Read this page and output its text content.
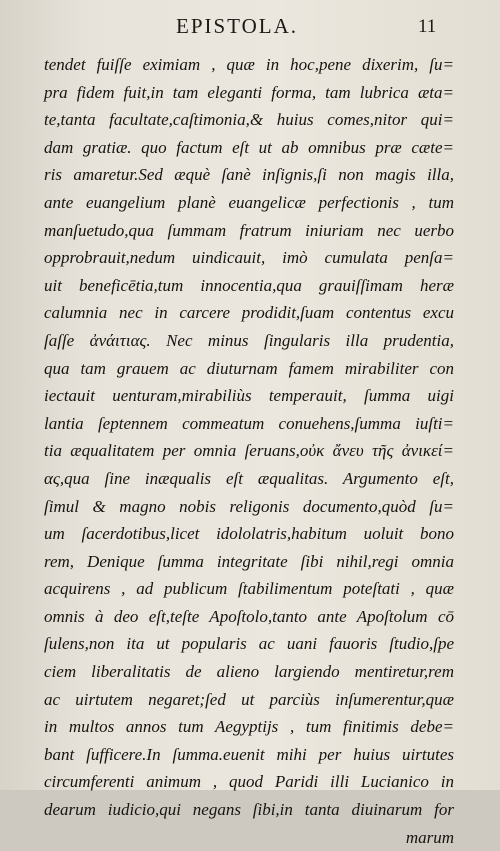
EPISTOLA.	11
tendet fuiſſe eximiam , quæ in hoc,pene dixerim, ſu=
pra fidem fuit,in tam eleganti forma, tam lubrica æta=
te,tanta facultate,caſtimonia,& huius comes,nitor qui=
dam gratiæ. quo factum eſt ut ab omnibus præ cæte=
ris amaretur.Sed æquè ſanè inſignis,ſi non magis illa,
ante euangelium planè euangelicæ perfectionis , tum
manſuetudo,qua ſummam fratrum iniuriam nec uerbo
opprobrauit,nedum uindicauit, imò cumulata penſa=
uit beneficētia,tum innocentia,qua grauiſſimam heræ
calumnia nec in carcere prodidit,ſuam contentus excu
ſaſſe ἀνάιτιας. Nec minus ſingularis illa prudentia,
qua tam grauem ac diuturnam famem mirabiliter con
iectauit uenturam,mirabiliùs temperauit, ſumma uigi
lantia ſeptennem commeatum conuehens,ſumma iuſti=
tia æqualitatem per omnia ſeruans,οὐκ ἄνευ τῆς ἀνικεί=
ας,qua ſine inæqualis eſt æqualitas. Argumento eſt,
ſimul & magno nobis religonis documento,quòd ſu=
um ſacerdotibus,licet idololatris,habitum uoluit bono
rem, Denique ſumma integritate ſibi nihil,regi omnia
acquirens , ad publicum ſtabilimentum poteſtati , quæ
omnis à deo eſt,teſte Apoſtolo,tanto ante Apoſtolum cō
ſulens,non ita ut popularis ac uani fauoris ſtudio,ſpe
ciem liberalitatis de alieno largiendo mentiretur,rem
ac uirtutem negaret;ſed ut parciùs inſumerentur,quæ
in multos annos tum Aegyptijs , tum finitimis debe=
bant ſufficere.In ſumma.euenit mihi per huius uirtutes
circumferenti animum , quod Paridi illi Lucianico in
dearum iudicio,qui negans ſibi,in tanta diuinarum for
marum
